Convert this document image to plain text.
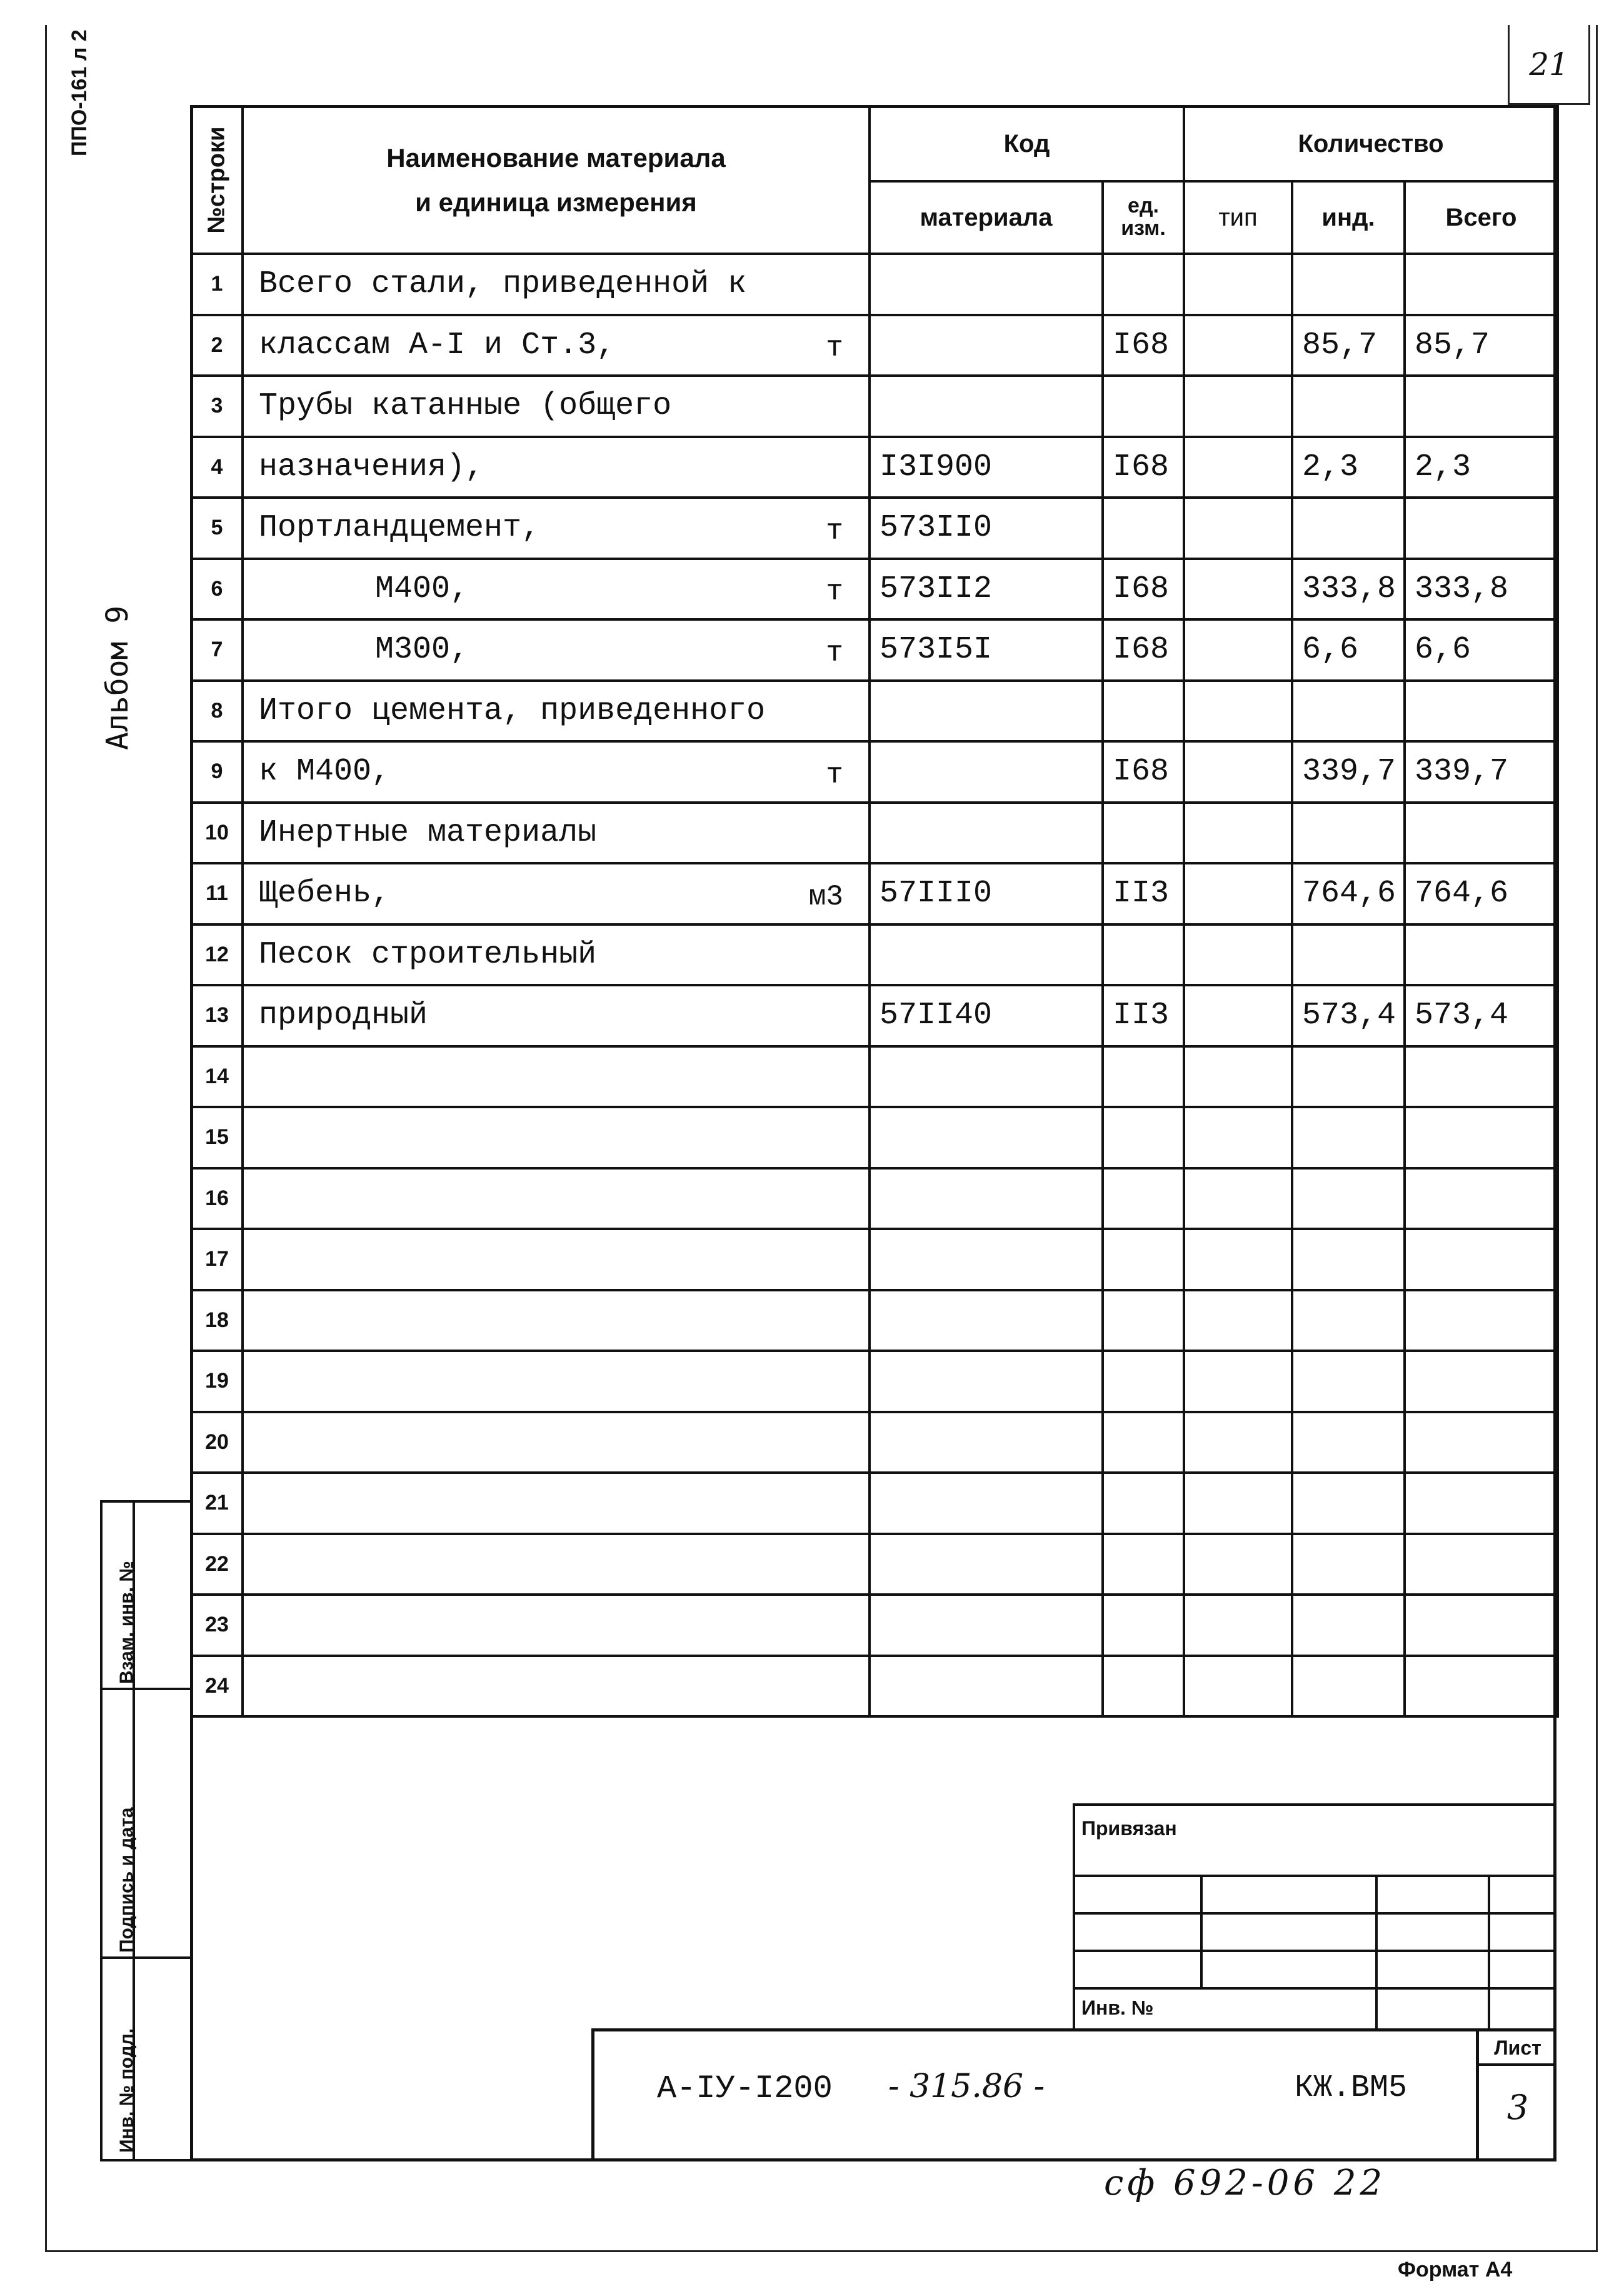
21
ППО-161 л 2
Альбом 9
№строки	Наименование материала
и единица измерения	Код		Количество		
		материала	ед. изм.	тип	инд.	Всего
1	Всего стали, приведенной к					

2	классам А-I и Ст.3, т		I68		85,7	85,7
3	Трубы катанные (общего					

4	назначения),	I3I900	I68		2,3	2,3
5	Портландцемент, т	573II0				
6	М400, т	573II2	I68		333,8	333,8
7	М300, т	573I5I	I68		6,6	6,6
8	Итого цемента, приведенного					

9	к М400, т		I68		339,7	339,7
10	Инертные материалы					

11	Щебень, м3	57III0	II3		764,6	764,6
12	Песок строительный					

13	природный	57II40	II3		573,4	573,4
14	

15	

16	

17	

18	

19	

20	

21	

22	

23	

24	

Взам. инв. №
Подпись и дата
Инв. № подл.
Привязан
Инв. №
А-IУ-I200 - 315.86 -	КЖ.ВМ5
Лист
3
сф 692-06 22
Формат А4
